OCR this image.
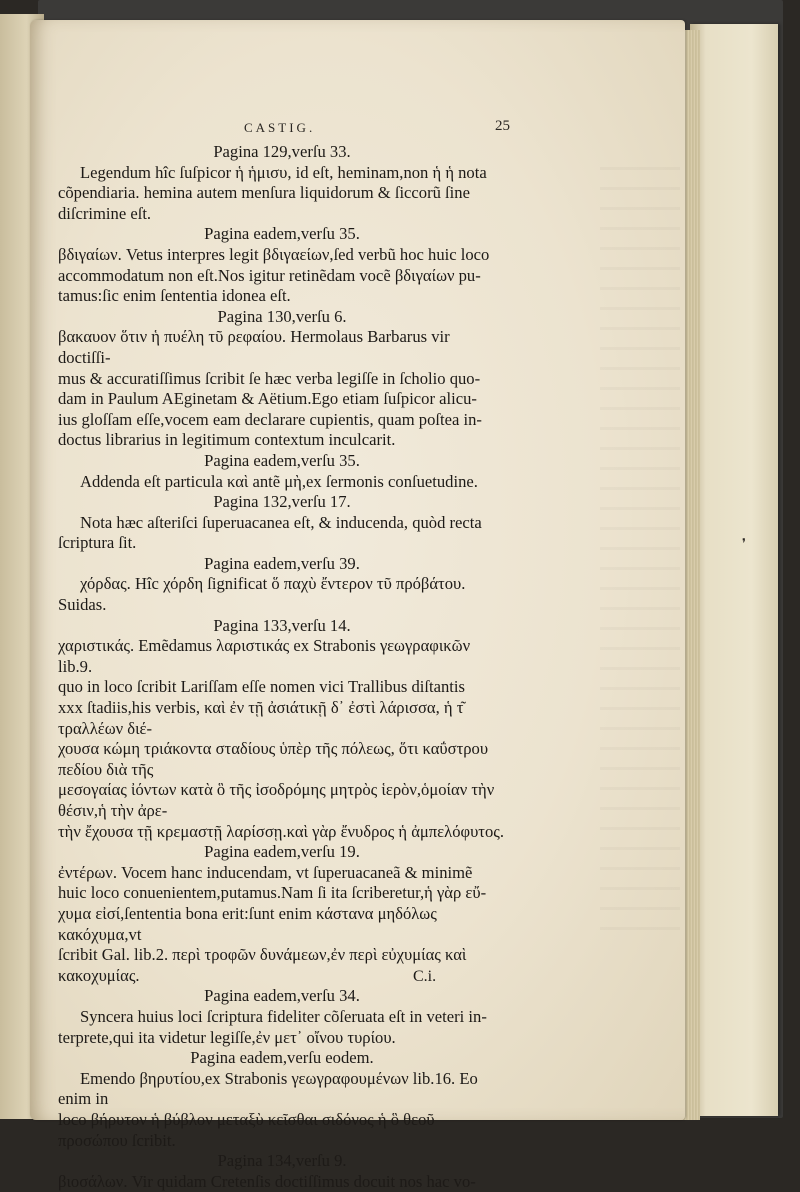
CASTIG.	25

Pagina 129,verſu 33.

Legendum hîc ſuſpicor ἡ ἡμισυ, id eſt, heminam,non ἡ ἡ nota

cõpendiaria. hemina autem menſura liquidorum & ſiccorũ ſine

diſcrimine eſt.

Pagina eadem,verſu 35.

βδιγαίων. Vetus interpres legit βδιγαείων,ſed verbũ hoc huic loco

accommodatum non eſt.Nos igitur retinẽdam vocẽ βδιγαίων pu-

tamus:ſic enim ſententia idonea eſt.

Pagina 130,verſu 6.

βακαυον ὅτιν ἡ πυέλη τῦ ρεφαίου. Hermolaus Barbarus vir doctiſſi-

mus & accuratiſſimus ſcribit ſe hæc verba legiſſe in ſcholio quo-

dam in Paulum AEginetam & Aëtium.Ego etiam ſuſpicor alicu-

ius gloſſam eſſe,vocem eam declarare cupientis, quam poſtea in-

doctus librarius in legitimum contextum inculcarit.

Pagina eadem,verſu 35.

Addenda eſt particula καὶ antẽ μὴ,ex ſermonis conſuetudine.

Pagina 132,verſu 17.

Nota hæc aſteriſci ſuperuacanea eſt, & inducenda, quòd recta

ſcriptura ſit.

Pagina eadem,verſu 39.

χόρδας. Hîc χόρδη ſignificat ὅ παχὺ ἔντερον τῦ πρόβάτου. Suidas.

Pagina 133,verſu 14.

χαριστικάς. Emẽdamus λαριστικάς ex Strabonis γεωγραφικῶν lib.9.

quo in loco ſcribit Lariſſam eſſe nomen vici Trallibus diſtantis

xxx ſtadiis,his verbis, καὶ ἐν τῇ ἀσιάτικῇ δ᾽ ἐστὶ λάρισσα, ἡ τ͂ τραλλέων διέ-

χουσα κώμη τριάκοντα σταδίους ὑπὲρ τῆς πόλεως, ὅτι καΰστρου πεδίου διὰ τῆς

μεσογαίας ἰόντων κατὰ ὃ τῆς ἰσοδρόμης μητρὸς ἱερὸν,ὁμοίαν τὴν θέσιν,ἡ τὴν ἀρε-

τὴν ἔχουσα τῇ κρεμαστῇ λαρίσσῃ.καὶ γὰρ ἔνυδρος ἡ ἀμπελόφυτος.

Pagina eadem,verſu 19.

ἐντέρων. Vocem hanc inducendam, vt ſuperuacaneã & minimẽ

huic loco conuenientem,putamus.Nam ſi ita ſcriberetur,ἡ γὰρ εὔ-

χυμα εἰσί,ſententia bona erit:ſunt enim κάστανα μηδόλως κακόχυμα,vt

ſcribit Gal. lib.2. περὶ τροφῶν δυνάμεων,ἐν περὶ εὐχυμίας καὶ κακοχυμίας.

Pagina eadem,verſu 34.

Syncera huius loci ſcriptura fideliter cõſeruata eſt in veteri in-

terprete,qui ita videtur legiſſe,ἐν μετ᾽ οἴνου τυρίου.

Pagina eadem,verſu eodem.

Emendo βηρυτίου,ex Strabonis γεωγραφουμένων lib.16. Eo enim in

loco βήρυτον ἡ βύβλον μεταξὺ κεῖσθαι σιδόνος ἡ ὃ θεοῦ προσώπου ſcribit.

Pagina 134,verſu 9.

βιοσάλων. Vir quidam Cretenſis doctiſſimus docuit nos hac vo-

C.i.
❜
